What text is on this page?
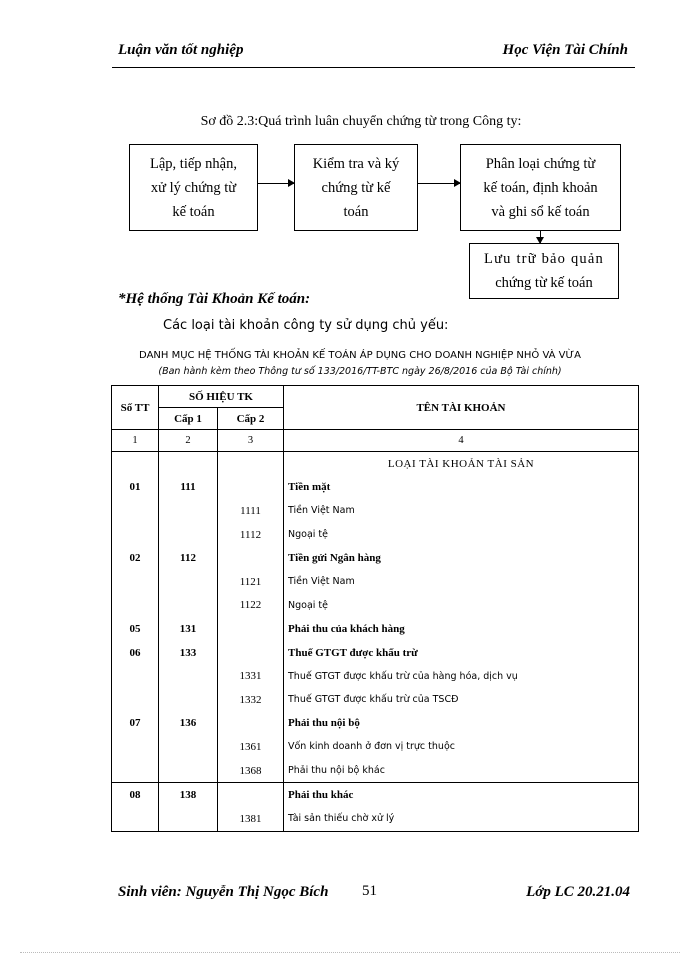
Luận văn tốt nghiệp	Học Viện Tài Chính
Sơ đồ 2.3:Quá trình luân chuyển chứng từ trong Công ty:
Lập, tiếp nhận,
xử lý chứng từ
kế toán
Kiểm tra và ký
chứng từ kế
toán
Phân loại chứng từ
kế toán, định khoản
và ghi sổ kế toán
Lưu trữ bảo quản
chứng từ kế toán
*Hệ thống Tài Khoản Kế toán:
Các loại tài khoản công ty sử dụng chủ yếu:
DANH MỤC HỆ THỐNG TÀI KHOẢN KẾ TOÁN ÁP DỤNG CHO DOANH NGHIỆP NHỎ VÀ VỪA
(Ban hành kèm theo Thông tư số 133/2016/TT-BTC ngày 26/8/2016 của Bộ Tài chính)
Số TT	SỐ HIỆU TK		TÊN TÀI KHOẢN
	Cấp 1	Cấp 2	
1	2	3	4
			LOẠI TÀI KHOẢN TÀI SẢN
01	111		Tiền mặt
		1111	Tiền Việt Nam
		1112	Ngoại tệ
02	112		Tiền gửi Ngân hàng
		1121	Tiền Việt Nam
		1122	Ngoại tệ
05	131		Phải thu của khách hàng
06	133		Thuế GTGT được khấu trừ
		1331	Thuế GTGT được khấu trừ của hàng hóa, dịch vụ
		1332	Thuế GTGT được khấu trừ của TSCĐ
07	136		Phải thu nội bộ
		1361	Vốn kinh doanh ở đơn vị trực thuộc
		1368	Phải thu nội bộ khác
08	138		Phải thu khác
		1381	Tài sản thiếu chờ xử lý
Sinh viên: Nguyễn Thị Ngọc Bích 51	Lớp LC 20.21.04
